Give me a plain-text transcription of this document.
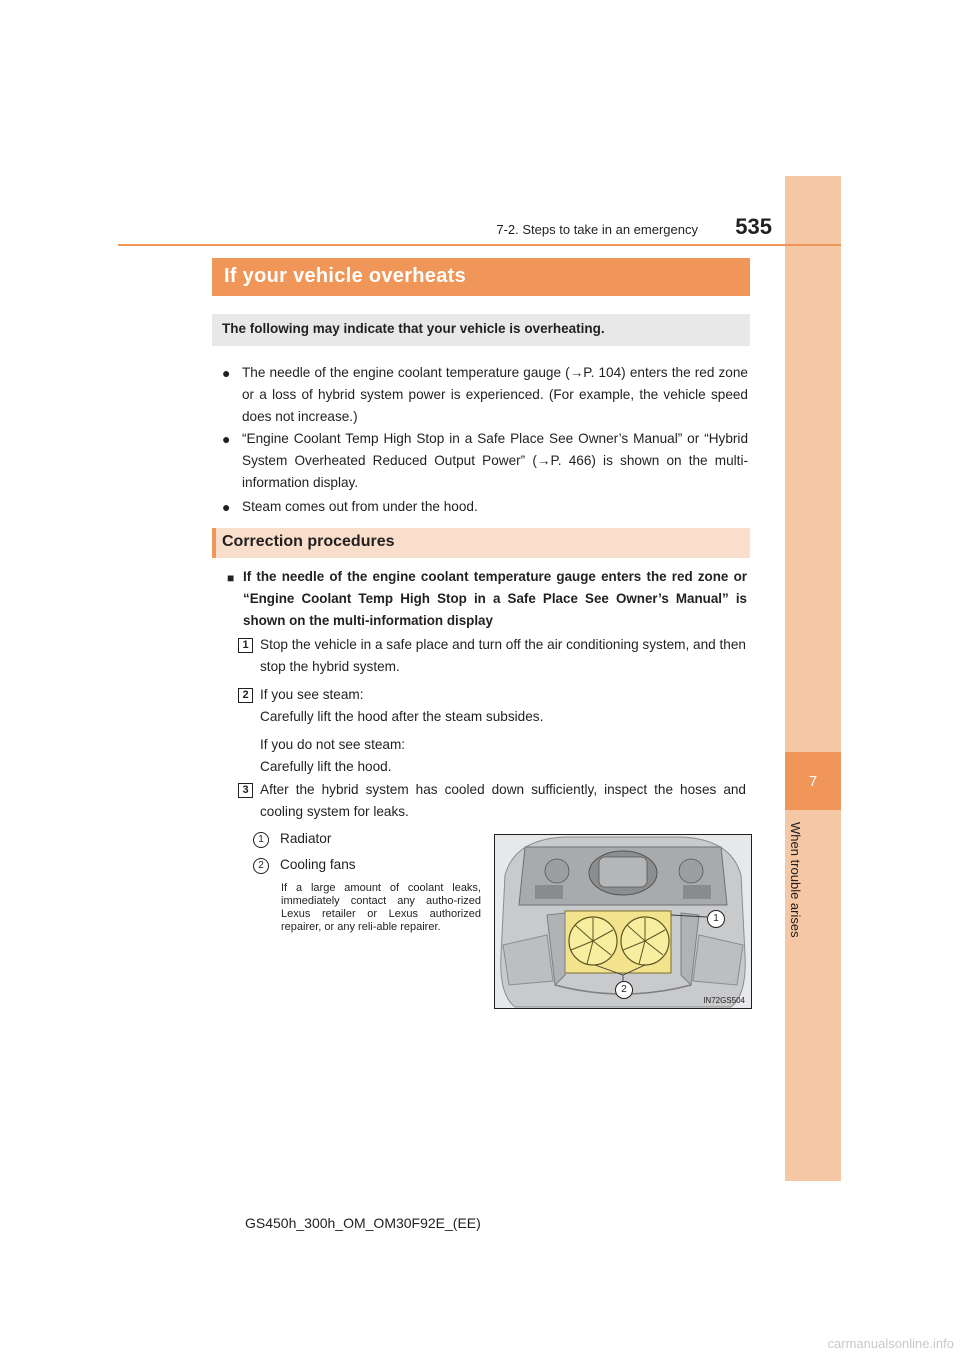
7
When trouble arises
7-2. Steps to take in an emergency 535
If your vehicle overheats
The following may indicate that your vehicle is overheating.
● The needle of the engine coolant temperature gauge (→P. 104) enters the red zone or a loss of hybrid system power is experienced. (For example, the vehicle speed does not increase.)
● “Engine Coolant Temp High Stop in a Safe Place See Owner’s Manual” or “Hybrid System Overheated Reduced Output Power” (→P. 466) is shown on the multi-information display.
● Steam comes out from under the hood.
Correction procedures
■ If the needle of the engine coolant temperature gauge enters the red zone or “Engine Coolant Temp High Stop in a Safe Place See Owner’s Manual” is shown on the multi-information display
1 Stop the vehicle in a safe place and turn off the air conditioning system, and then stop the hybrid system.
2 If you see steam:
Carefully lift the hood after the steam subsides.
If you do not see steam:
Carefully lift the hood.
3 After the hybrid system has cooled down sufficiently, inspect the hoses and cooling system for leaks.
1	Radiator
2	Cooling fans
If a large amount of coolant leaks, immediately contact any autho-rized Lexus retailer or Lexus authorized repairer, or any reli-able repairer.
1
2
IN72GS504
GS450h_300h_OM_OM30F92E_(EE)
carmanualsonline.info
